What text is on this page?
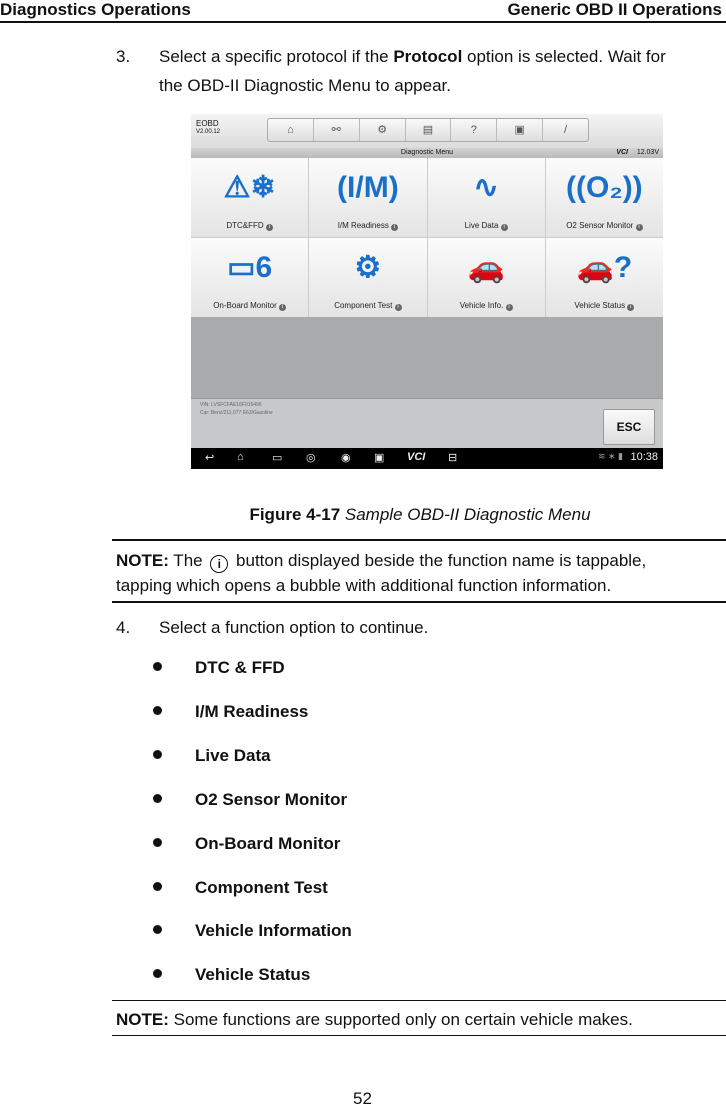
Diagnostics Operations	Generic OBD II Operations
3. Select a specific protocol if the Protocol option is selected. Wait for
the OBD-II Diagnostic Menu to appear.
EOBD
V2.00.12	⌂	⚯	⚙	▤	?	▣	/
Diagnostic Menu	VCI 12.03V
⚠❄
DTC&FFD i
(I/M)
I/M Readiness i
∿
Live Data i
((O₂))
O2 Sensor Monitor i
▭6
On-Board Monitor i
⚙
Component Test i
🚗
Vehicle Info. i
🚗?
Vehicle Status i
VIN: LVSFCFAE16F015496
Car: Benz/211.077 E63/Gasoline
ESC
↩ ⌂	▭ ◎ ◉ ▣ VCI ⊟	≋ ∗ ▮ 10:38
Figure 4-17 Sample OBD-II Diagnostic Menu
NOTE: The i button displayed beside the function name is tappable,
tapping which opens a bubble with additional function information.
4. Select a function option to continue.
DTC & FFD
I/M Readiness
Live Data
O2 Sensor Monitor
On-Board Monitor
Component Test
Vehicle Information
Vehicle Status
NOTE: Some functions are supported only on certain vehicle makes.
52
